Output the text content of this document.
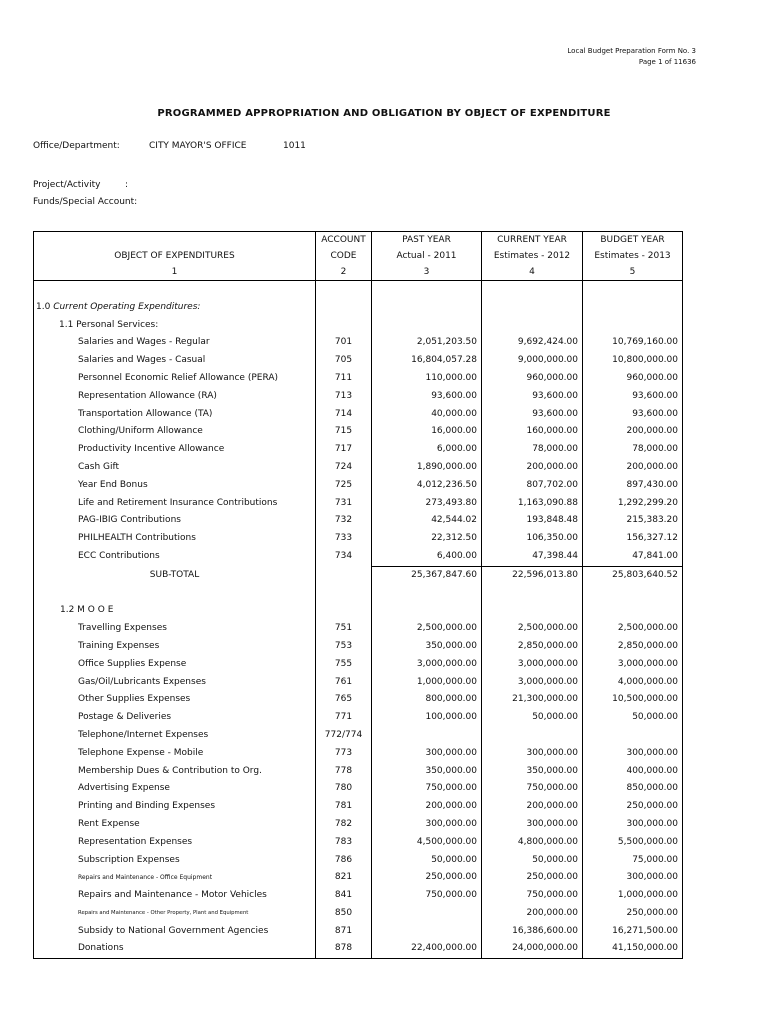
Local Budget Preparation Form No. 3
Page 1 of 11636
PROGRAMMED APPROPRIATION AND OBLIGATION BY OBJECT OF EXPENDITURE
Office/Department:	CITY MAYOR'S OFFICE	1011
Project/Activity	:
Funds/Special Account:
	ACCOUNT	PAST YEAR	CURRENT YEAR	BUDGET YEAR
OBJECT OF EXPENDITURES	CODE	Actual - 2011	Estimates - 2012	Estimates - 2013
1	2	3	4	5

1.0 Current Operating Expenditures:				
1.1 Personal Services:				
Salaries and Wages - Regular	701	2,051,203.50	9,692,424.00	10,769,160.00
Salaries and Wages - Casual	705	16,804,057.28	9,000,000.00	10,800,000.00
Personnel Economic Relief Allowance (PERA)	711	110,000.00	960,000.00	960,000.00
Representation Allowance (RA)	713	93,600.00	93,600.00	93,600.00
Transportation Allowance (TA)	714	40,000.00	93,600.00	93,600.00
Clothing/Uniform Allowance	715	16,000.00	160,000.00	200,000.00
Productivity Incentive Allowance	717	6,000.00	78,000.00	78,000.00
Cash Gift	724	1,890,000.00	200,000.00	200,000.00
Year End Bonus	725	4,012,236.50	807,702.00	897,430.00
Life and Retirement Insurance Contributions	731	273,493.80	1,163,090.88	1,292,299.20
PAG-IBIG Contributions	732	42,544.02	193,848.48	215,383.20
PHILHEALTH Contributions	733	22,312.50	106,350.00	156,327.12
ECC Contributions	734	6,400.00	47,398.44	47,841.00
SUB-TOTAL		25,367,847.60	22,596,013.80	25,803,640.52

1.2 M O O E				
Travelling Expenses	751	2,500,000.00	2,500,000.00	2,500,000.00
Training Expenses	753	350,000.00	2,850,000.00	2,850,000.00
Office Supplies Expense	755	3,000,000.00	3,000,000.00	3,000,000.00
Gas/Oil/Lubricants Expenses	761	1,000,000.00	3,000,000.00	4,000,000.00
Other Supplies Expenses	765	800,000.00	21,300,000.00	10,500,000.00
Postage & Deliveries	771	100,000.00	50,000.00	50,000.00
Telephone/Internet Expenses	772/774			
Telephone Expense - Mobile	773	300,000.00	300,000.00	300,000.00
Membership Dues & Contribution to Org.	778	350,000.00	350,000.00	400,000.00
Advertising Expense	780	750,000.00	750,000.00	850,000.00
Printing and Binding Expenses	781	200,000.00	200,000.00	250,000.00
Rent Expense	782	300,000.00	300,000.00	300,000.00
Representation Expenses	783	4,500,000.00	4,800,000.00	5,500,000.00
Subscription Expenses	786	50,000.00	50,000.00	75,000.00
Repairs and Maintenance - Office Equipment	821	250,000.00	250,000.00	300,000.00
Repairs and Maintenance - Motor Vehicles	841	750,000.00	750,000.00	1,000,000.00
Repairs and Maintenance - Other Property, Plant and Equipment	850		200,000.00	250,000.00
Subsidy to National Government Agencies	871		16,386,600.00	16,271,500.00
Donations	878	22,400,000.00	24,000,000.00	41,150,000.00
